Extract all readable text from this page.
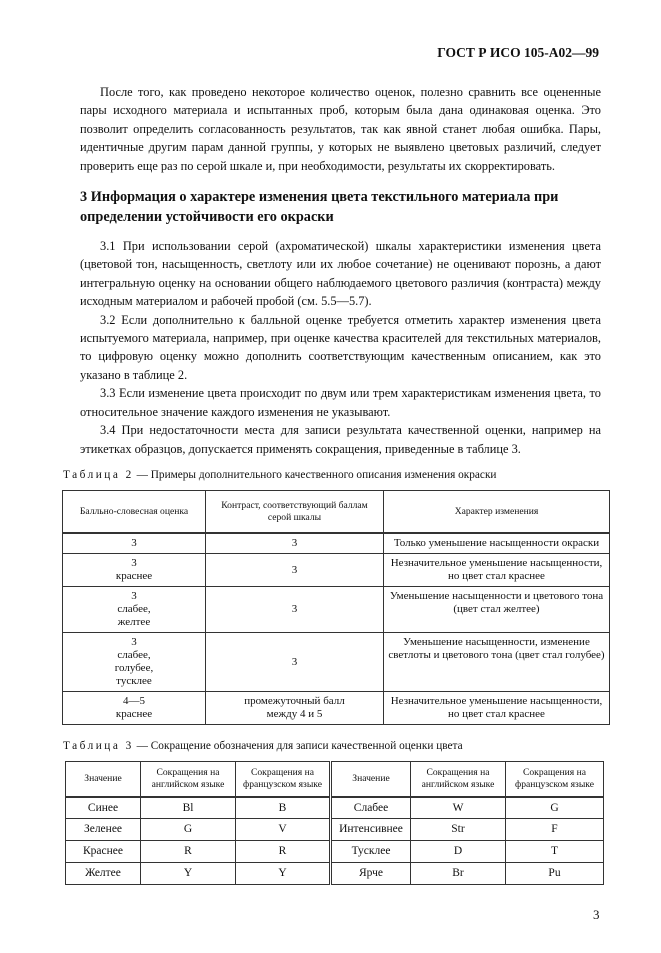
ГОСТ Р ИСО 105-А02—99

После того, как проведено некоторое количество оценок, полезно сравнить все оцененные пары исходного материала и испытанных проб, которым была дана одинаковая оценка. Это позволит определить согласованность результатов, так как явной станет любая ошибка. Пары, идентичные другим парам данной группы, у которых не выявлено цветовых различий, следует проверить еще раз по серой шкале и, при необходимости, результаты их скорректировать.

3 Информация о характере изменения цвета текстильного материала при определении устойчивости его окраски

3.1 При использовании серой (ахроматической) шкалы характеристики изменения цвета (цветовой тон, насыщенность, светлоту или их любое сочетание) не оценивают порознь, а дают интегральную оценку на основании общего наблюдаемого цветового различия (контраста) между исходным материалом и рабочей пробой (см. 5.5—5.7).

3.2 Если дополнительно к балльной оценке требуется отметить характер изменения цвета испытуемого материала, например, при оценке качества красителей для текстильных материалов, то цифровую оценку можно дополнить соответствующим качественным описанием, как это указано в таблице 2.

3.3 Если изменение цвета происходит по двум или трем характеристикам изменения цвета, то относительное значение каждого изменения не указывают.

3.4 При недостаточности места для записи результата качественной оценки, например на этикетках образцов, допускается применять сокращения, приведенные в таблице 3.

Таблица 2 — Примеры дополнительного качественного описания изменения окраски
Балльно-словесная оценка	Контраст, соответствующий баллам серой шкалы	Характер изменения
3	3	Только уменьшение насыщенности окраски
3
краснее	3	Незначительное уменьшение насыщенности, но цвет стал краснее
3
слабее,
желтее	3	Уменьшение насыщенности и цветового тона (цвет стал желтее)
3
слабее,
голубее,
тусклее	3	Уменьшение насыщенности, изменение светлоты и цветового тона (цвет стал голубее)
4—5
краснее	промежуточный балл
между 4 и 5	Незначительное уменьшение насыщенности, но цвет стал краснее
Таблица 3 — Сокращение обозначения для записи качественной оценки цвета
Значение	Сокращения на английском языке	Сокращения на французском языке	Значение	Сокращения на английском языке	Сокращения на французском языке
Синее	Bl	B	Слабее	W	G
Зеленее	G	V	Интенсивнее	Str	F
Краснее	R	R	Тусклее	D	T
Желтее	Y	Y	Ярче	Br	Pu
3
